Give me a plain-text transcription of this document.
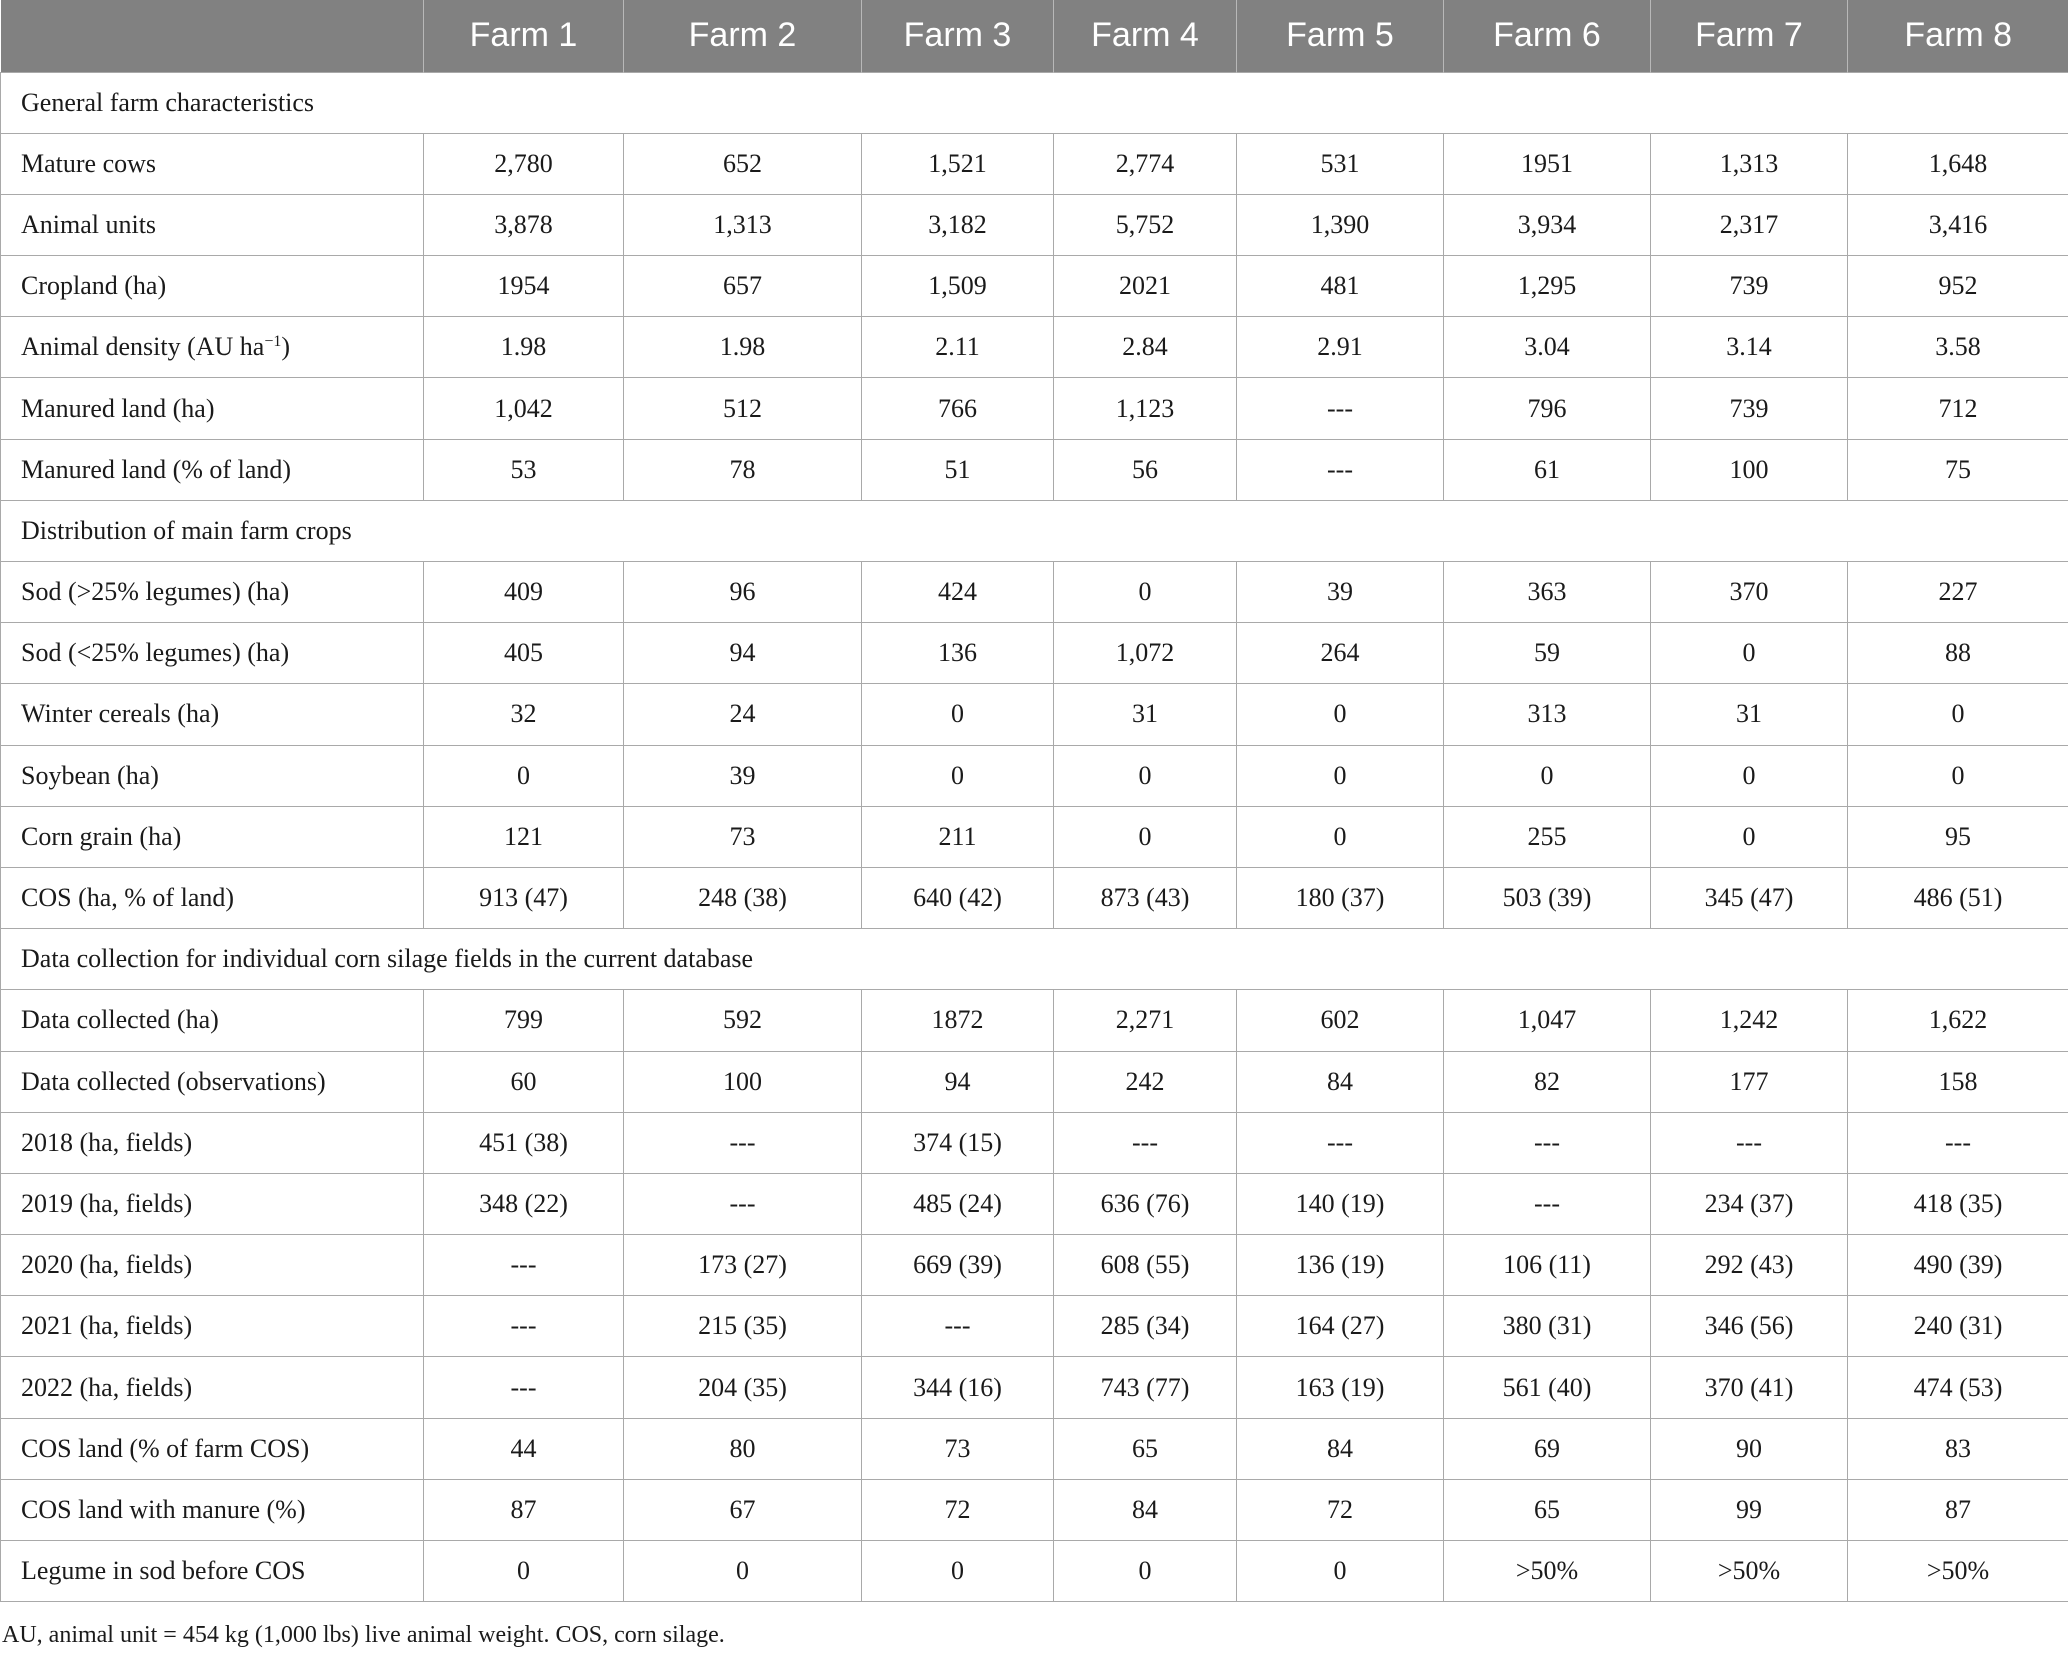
	Farm 1	Farm 2	Farm 3	Farm 4	Farm 5	Farm 6	Farm 7	Farm 8
General farm characteristics								
Mature cows	2,780	652	1,521	2,774	531	1951	1,313	1,648
Animal units	3,878	1,313	3,182	5,752	1,390	3,934	2,317	3,416
Cropland (ha)	1954	657	1,509	2021	481	1,295	739	952
Animal density (AU $ha^{-1}$)	1.98	1.98	2.11	2.84	2.91	3.04	3.14	3.58
Manured land (ha)	1,042	512	766	1,123	---	796	739	712
Manured land (% of land)	53	78	51	56	---	61	100	75
Distribution of main farm crops								
Sod (>25% legumes) (ha)	409	96	424	0	39	363	370	227
Sod (<25% legumes) (ha)	405	94	136	1,072	264	59	0	88
Winter cereals (ha)	32	24	0	31	0	313	31	0
Soybean (ha)	0	39	0	0	0	0	0	0
Corn grain (ha)	121	73	211	0	0	255	0	95
COS (ha, % of land)	913 (47)	248 (38)	640 (42)	873 (43)	180 (37)	503 (39)	345 (47)	486 (51)
Data collection for individual corn silage fields in the current database								
Data collected (ha)	799	592	1872	2,271	602	1,047	1,242	1,622
Data collected (observations)	60	100	94	242	84	82	177	158
2018 (ha, fields)	451 (38)	---	374 (15)	---	---	---	---	---
2019 (ha, fields)	348 (22)	---	485 (24)	636 (76)	140 (19)	---	234 (37)	418 (35)
2020 (ha, fields)	---	173 (27)	669 (39)	608 (55)	136 (19)	106 (11)	292 (43)	490 (39)
2021 (ha, fields)	---	215 (35)	---	285 (34)	164 (27)	380 (31)	346 (56)	240 (31)
2022 (ha, fields)	---	204 (35)	344 (16)	743 (77)	163 (19)	561 (40)	370 (41)	474 (53)
COS land (% of farm COS)	44	80	73	65	84	69	90	83
COS land with manure (%)	87	67	72	84	72	65	99	87
Legume in sod before COS	0	0	0	0	0	>50%	>50%	>50%
AU, animal unit = 454 kg (1,000 lbs) live animal weight. COS, corn silage.
